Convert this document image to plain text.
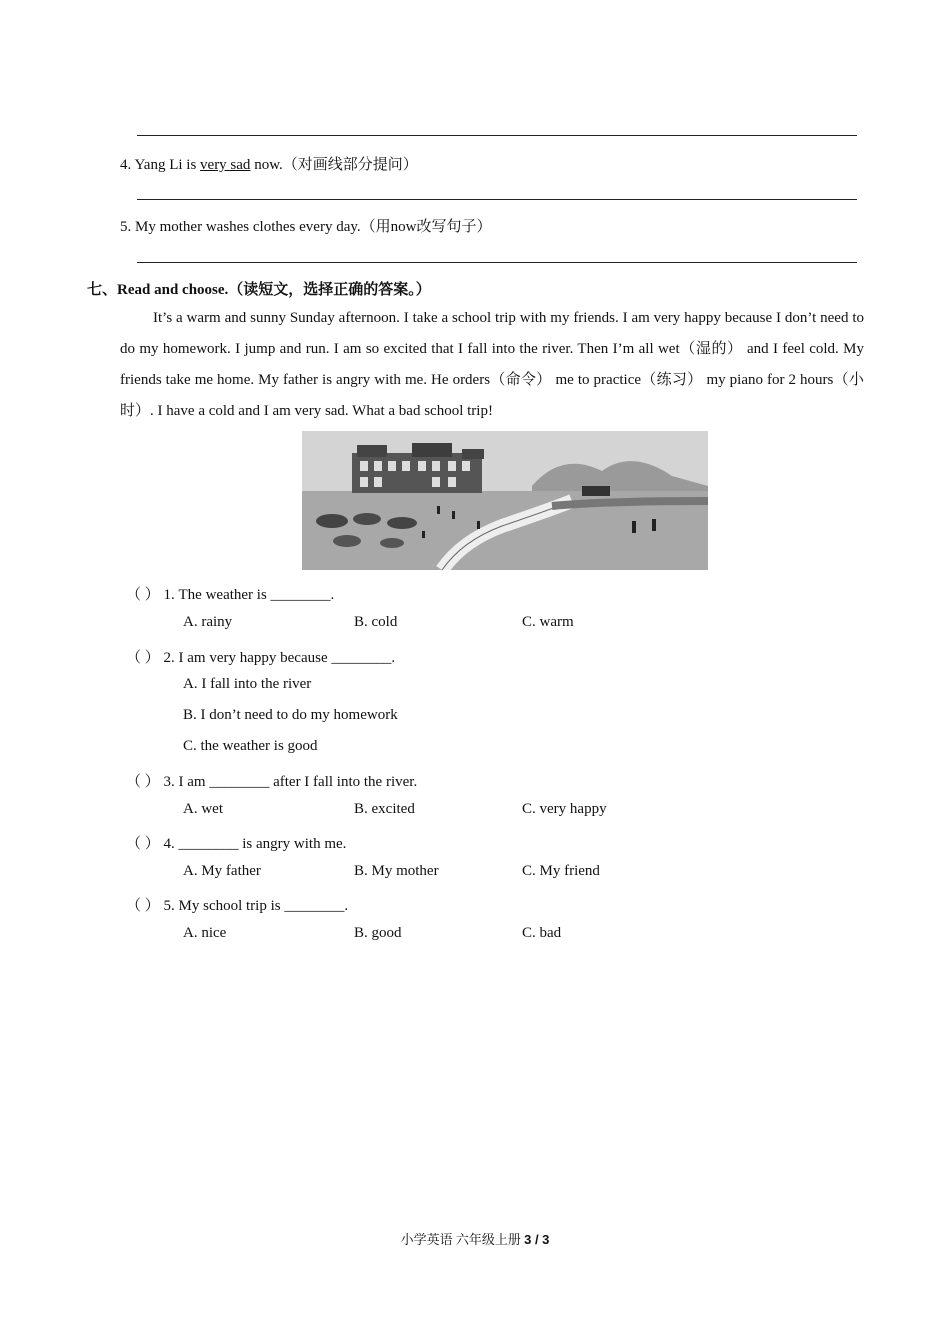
4. Yang Li is very sad now.（对画线部分提问）
5. My mother washes clothes every day.（用now改写句子）
七、Read and choose.（读短文，选择正确的答案。）

It’s a warm and sunny Sunday afternoon. I take a school trip with my friends. I am very happy because I don’t need to do my homework. I jump and run. I am so excited that I fall into the river. Then I’m all wet（湿的） and I feel cold. My friends take me home. My father is angry with me. He orders（命令） me to practice（练习） my piano for 2 hours（小时）. I have a cold and I am very sad. What a bad school trip!

（ ） 1. The weather is ________.
A. rainy	B. cold	C. warm
（ ） 2. I am very happy because ________.
A. I fall into the river
B. I don’t need to do my homework
C. the weather is good
（ ） 3. I am ________ after I fall into the river.
A. wet	B. excited	C. very happy
（ ） 4. ________ is angry with me.
A. My father	B. My mother	C. My friend
（ ） 5. My school trip is ________.
A. nice	B. good	C. bad
小学英语 六年级上册 3 / 3
